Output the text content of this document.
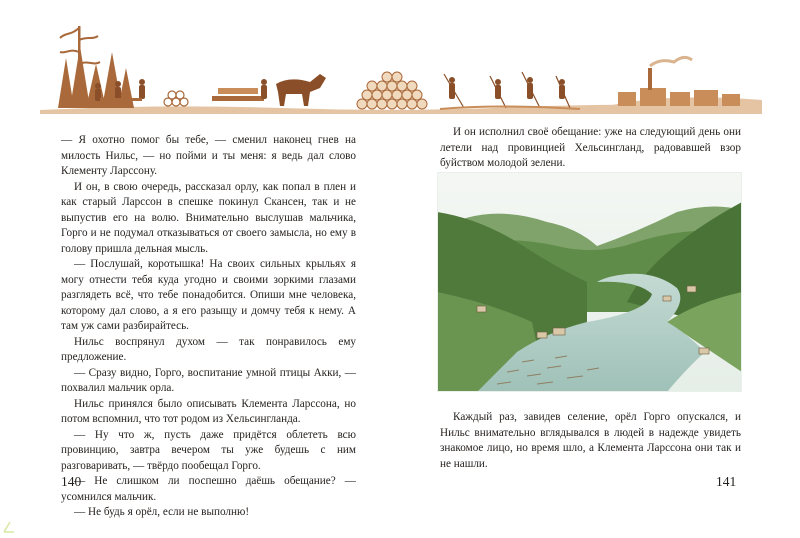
— Я охотно помог бы тебе, — сменил наконец гнев на милость Нильс, — но пойми и ты меня: я ведь дал слово Клементу Ларссону.

И он, в свою очередь, рассказал орлу, как попал в плен и как старый Ларссон в спешке покинул Скансен, так и не выпустив его на волю. Внимательно выслушав мальчика, Горго и не подумал отказываться от своего замысла, но ему в голову пришла дельная мысль.

— Послушай, коротышка! На своих сильных крыльях я могу отнести тебя куда угодно и своими зоркими глазами разглядеть всё, что тебе понадобится. Опиши мне человека, которому дал слово, а я его разыщу и домчу тебя к нему. А там уж сами разбирайтесь.

Нильс воспрянул духом — так понравилось ему предложение.

— Сразу видно, Горго, воспитание умной птицы Акки, — похвалил мальчик орла.

Нильс принялся было описывать Клемента Ларссона, но потом вспомнил, что тот родом из Хельсингланда.

— Ну что ж, пусть даже придётся облететь всю провинцию, завтра вечером ты уже будешь с ним разговаривать, — твёрдо пообещал Горго.

— Не слишком ли поспешно даёшь обещание? — усомнился мальчик.

— Не будь я орёл, если не выполню!

140

И он исполнил своё обещание: уже на следующий день они летели над провинцией Хельсингланд, радовавшей взор буйством молодой зелени.

Каждый раз, завидев селение, орёл Горго опускался, и Нильс внимательно вглядывался в людей в надежде увидеть знакомое лицо, но время шло, а Клемента Ларссона они так и не нашли.

141
